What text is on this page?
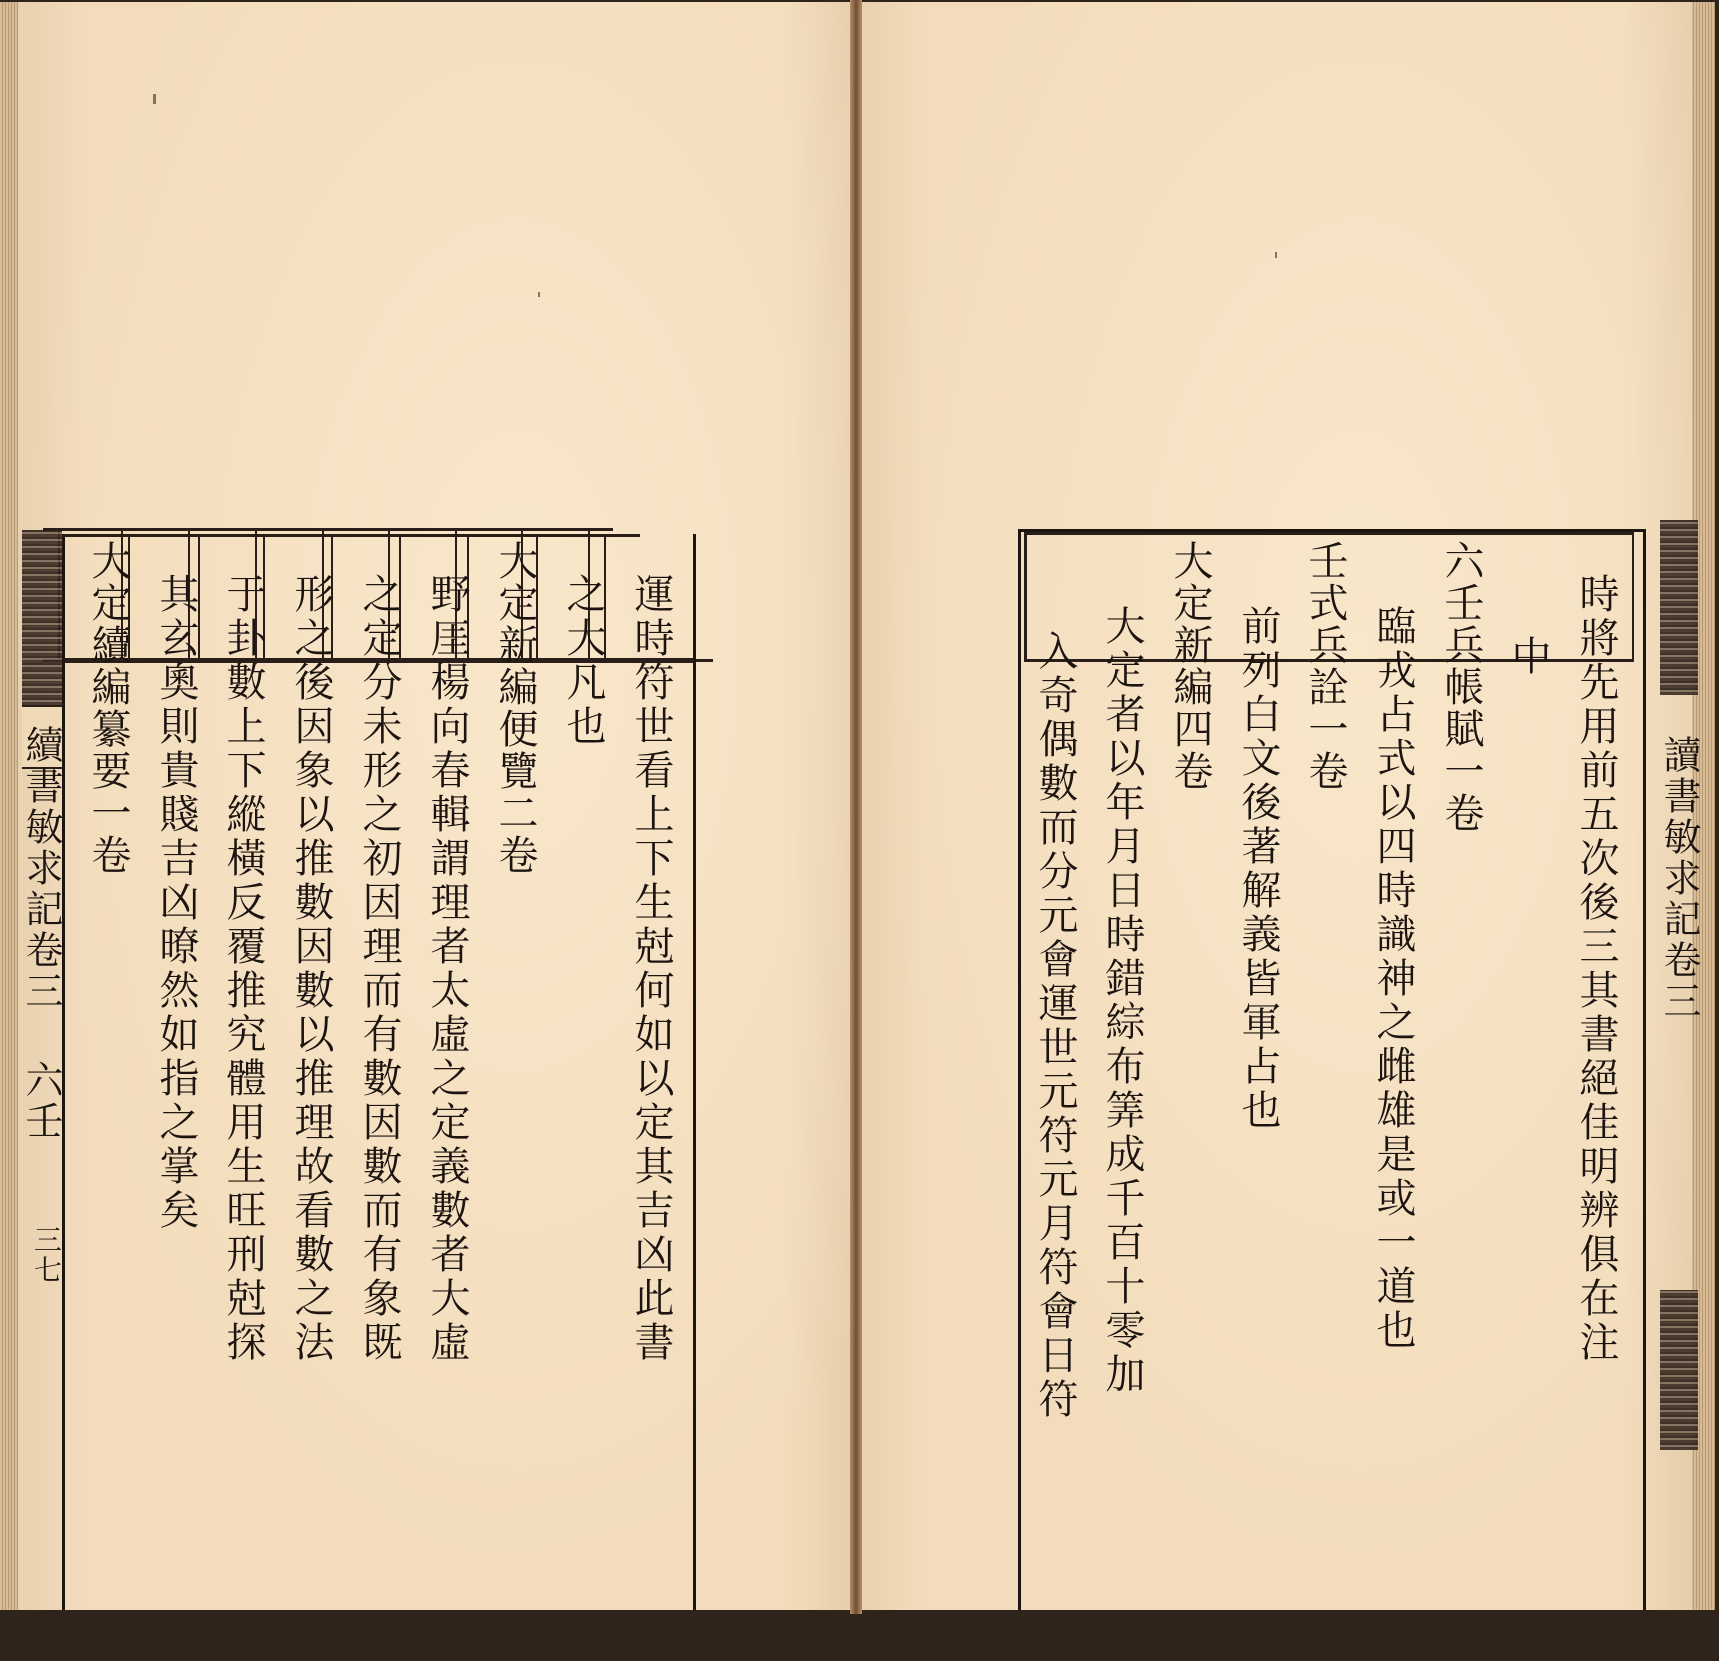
運時符世看上下生尅何如以定其吉凶此書
之大凡也
大定新編便覽二卷
野厓楊向春輯謂理者太虛之定義數者大虛
之定分未形之初因理而有數因數而有象既
形之後因象以推數因數以推理故看數之法
于卦數上下縱橫反覆推究體用生旺刑尅探
其玄奧則貴賤吉凶暸然如指之掌矣
大定續編纂要一卷	時將先用前五次後三其書絕佳明辨俱在注
中
六壬兵帳賦一卷
臨戎占式以四時識神之雌雄是或一道也
壬式兵詮一卷
前列白文後著解義皆軍占也
大定新編四卷
大定者以年月日時錯綜布筭成千百十零加
入奇偶數而分元會運世元符元月符會日符
續書敏求記卷三
六壬
三七
讀書敏求記卷三
